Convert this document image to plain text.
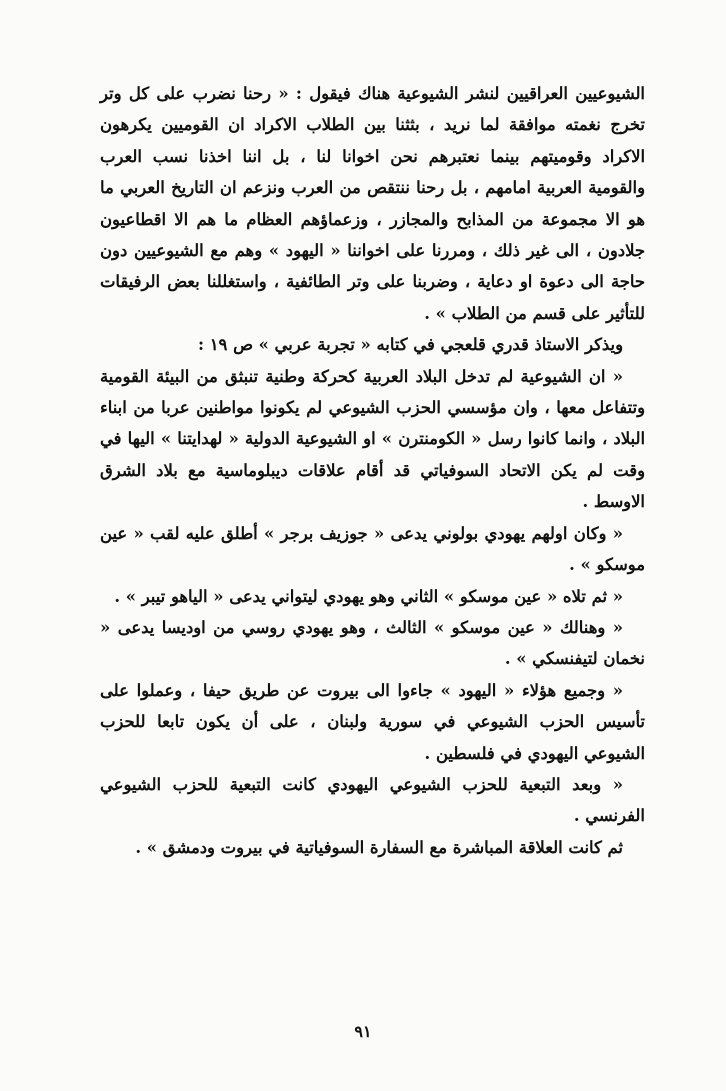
الشيوعيين العراقيين لنشر الشيوعية هناك فيقول : « رحنا نضرب على كل وتر تخرج نغمته موافقة لما نريد ، بثثنا بين الطلاب الاكراد ان القوميين يكرهون الاكراد وقوميتهم بينما نعتبرهم نحن اخوانا لنا ، بل اننا اخذنا نسب العرب والقومية العربية امامهم ، بل رحنا ننتقص من العرب ونزعم ان التاريخ العربي ما هو الا مجموعة من المذابح والمجازر ، وزعماؤهم العظام ما هم الا اقطاعيون جلادون ، الى غير ذلك ، ومررنا على اخواننا « اليهود » وهم مع الشيوعيين دون حاجة الى دعوة او دعاية ، وضربنا على وتر الطائفية ، واستغللنا بعض الرفيقات للتأثير على قسم من الطلاب » .

ويذكر الاستاذ قدري قلعجي في كتابه « تجربة عربي » ص ١٩ :

« ان الشيوعية لم تدخل البلاد العربية كحركة وطنية تنبثق من البيئة القومية وتتفاعل معها ، وان مؤسسي الحزب الشيوعي لم يكونوا مواطنين عربا من ابناء البلاد ، وانما كانوا رسل « الكومنترن » او الشيوعية الدولية « لهدايتنا » اليها في وقت لم يكن الاتحاد السوفياتي قد أقام علاقات ديبلوماسية مع بلاد الشرق الاوسط .

« وكان اولهم يهودي بولوني يدعى « جوزيف برجر » أطلق عليه لقب « عين موسكو » .

« ثم تلاه « عين موسكو » الثاني وهو يهودي ليتواني يدعى « الياهو تيبر » .

« وهنالك « عين موسكو » الثالث ، وهو يهودي روسي من اوديسا يدعى « نخمان لتيفنسكي » .

« وجميع هؤلاء « اليهود » جاءوا الى بيروت عن طريق حيفا ، وعملوا على تأسيس الحزب الشيوعي في سورية ولبنان ، على أن يكون تابعا للحزب الشيوعي اليهودي في فلسطين .

« وبعد التبعية للحزب الشيوعي اليهودي كانت التبعية للحزب الشيوعي الفرنسي .

ثم كانت العلاقة المباشرة مع السفارة السوفياتية في بيروت ودمشق » .

٩١
